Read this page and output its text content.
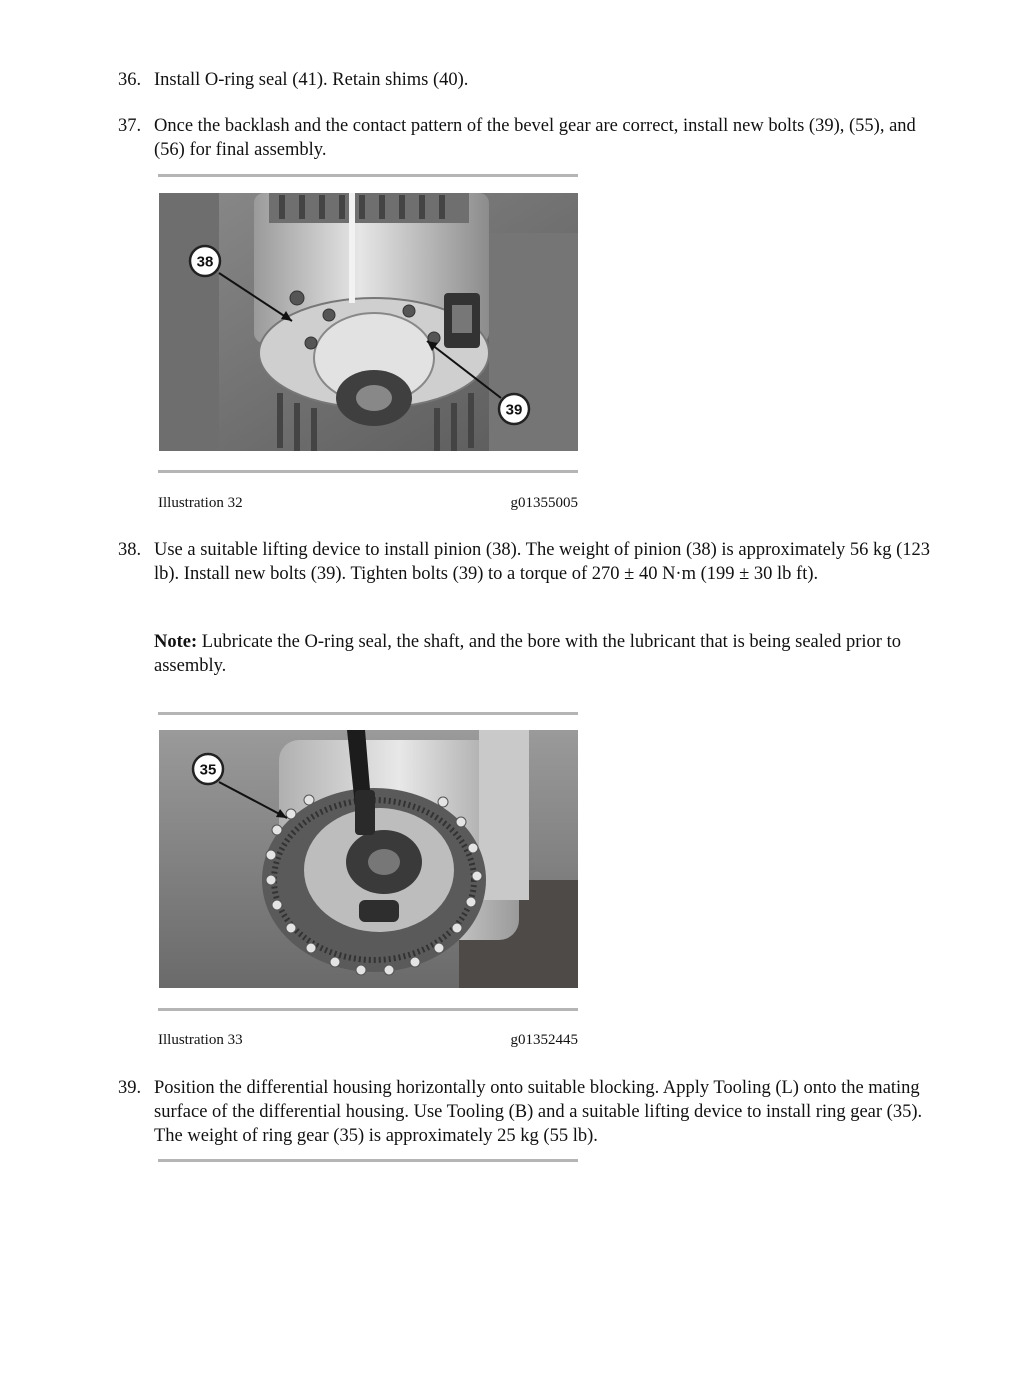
36. Install O-ring seal (41). Retain shims (40).
37. Once the backlash and the contact pattern of the bevel gear are correct, install new bolts (39), (55), and (56) for final assembly.
38
39
Illustration 32	g01355005
38. Use a suitable lifting device to install pinion (38). The weight of pinion (38) is approximately 56 kg (123 lb). Install new bolts (39). Tighten bolts (39) to a torque of 270 ± 40 N·m (199 ± 30 lb ft).
Note: Lubricate the O-ring seal, the shaft, and the bore with the lubricant that is being sealed prior to assembly.
35
Illustration 33	g01352445
39. Position the differential housing horizontally onto suitable blocking. Apply Tooling (L) onto the mating surface of the differential housing. Use Tooling (B) and a suitable lifting device to install ring gear (35). The weight of ring gear (35) is approximately 25 kg (55 lb).
